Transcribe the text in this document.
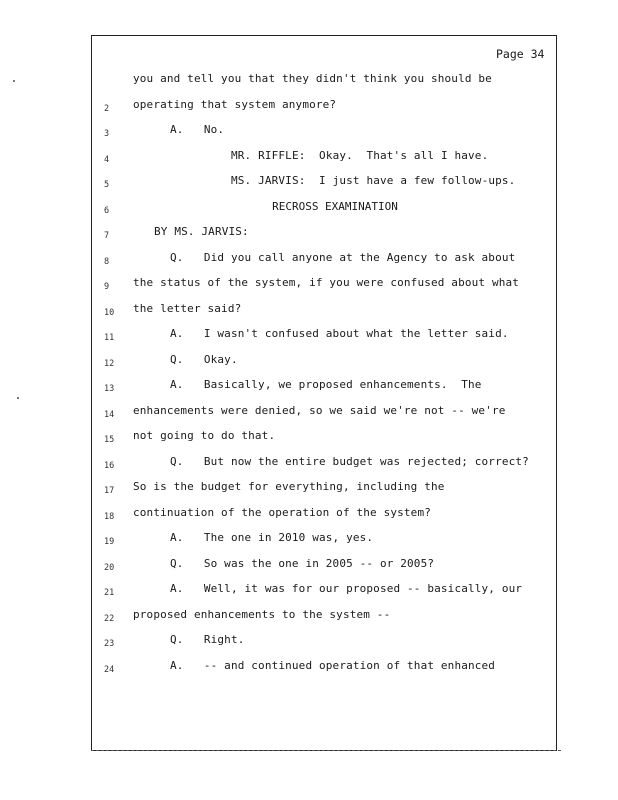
Page 34
you and tell you that they didn't think you should be
2	operating that system anymore?
3	A.   No.
4	MR. RIFFLE:  Okay.  That's all I have.
5	MS. JARVIS:  I just have a few follow-ups.
6	RECROSS EXAMINATION
7	BY MS. JARVIS:
8	Q.   Did you call anyone at the Agency to ask about
9	the status of the system, if you were confused about what
10	the letter said?
11	A.   I wasn't confused about what the letter said.
12	Q.   Okay.
13	A.   Basically, we proposed enhancements.  The
14	enhancements were denied, so we said we're not -- we're
15	not going to do that.
16	Q.   But now the entire budget was rejected; correct?
17	So is the budget for everything, including the
18	continuation of the operation of the system?
19	A.   The one in 2010 was, yes.
20	Q.   So was the one in 2005 -- or 2005?
21	A.   Well, it was for our proposed -- basically, our
22	proposed enhancements to the system --
23	Q.   Right.
24	A.   -- and continued operation of that enhanced
